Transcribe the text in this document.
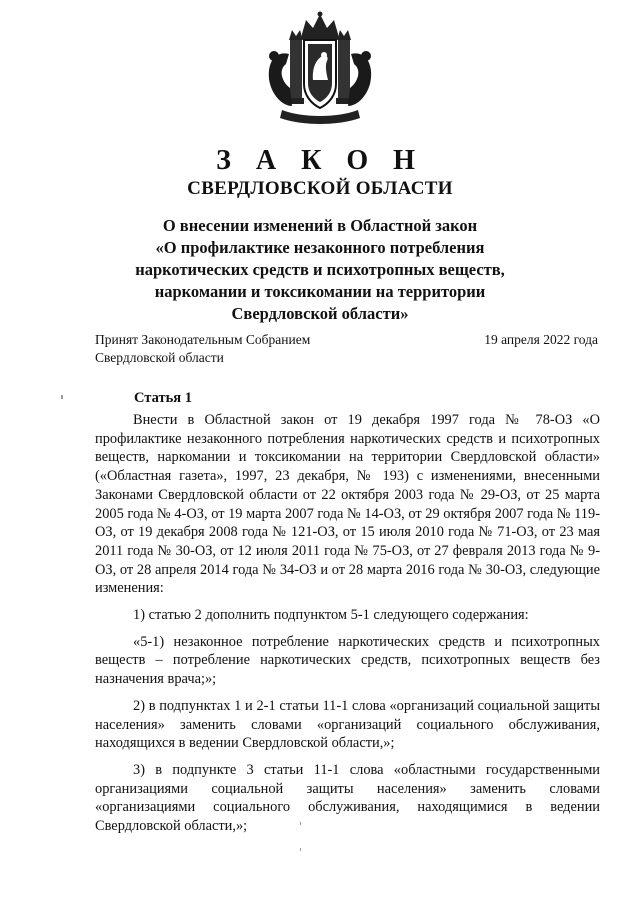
З А К О Н
СВЕРДЛОВСКОЙ ОБЛАСТИ
О внесении изменений в Областной закон
«О профилактике незаконного потребления
наркотических средств и психотропных веществ,
наркомании и токсикомании на территории
Свердловской области»
Принят Законодательным Собранием
Свердловской области
19 апреля 2022 года
Статья 1

Внести в Областной закон от 19 декабря 1997 года № 78-ОЗ «О профилактике незаконного потребления наркотических средств и психотропных веществ, наркомании и токсикомании на территории Свердловской области» («Областная газета», 1997, 23 декабря, № 193) с изменениями, внесенными Законами Свердловской области от 22 октября 2003 года № 29-ОЗ, от 25 марта 2005 года № 4-ОЗ, от 19 марта 2007 года № 14-ОЗ, от 29 октября 2007 года № 119-ОЗ, от 19 декабря 2008 года № 121-ОЗ, от 15 июля 2010 года № 71-ОЗ, от 23 мая 2011 года № 30-ОЗ, от 12 июля 2011 года № 75-ОЗ, от 27 февраля 2013 года № 9-ОЗ, от 28 апреля 2014 года № 34-ОЗ и от 28 марта 2016 года № 30-ОЗ, следующие изменения:

1) статью 2 дополнить подпунктом 5-1 следующего содержания:

«5-1) незаконное потребление наркотических средств и психотропных веществ – потребление наркотических средств, психотропных веществ без назначения врача;»;

2) в подпунктах 1 и 2-1 статьи 11-1 слова «организаций социальной защиты населения» заменить словами «организаций социального обслуживания, находящихся в ведении Свердловской области,»;

3) в подпункте 3 статьи 11-1 слова «областными государственными организациями социальной защиты населения» заменить словами «организациями социального обслуживания, находящимися в ведении Свердловской области,»;
